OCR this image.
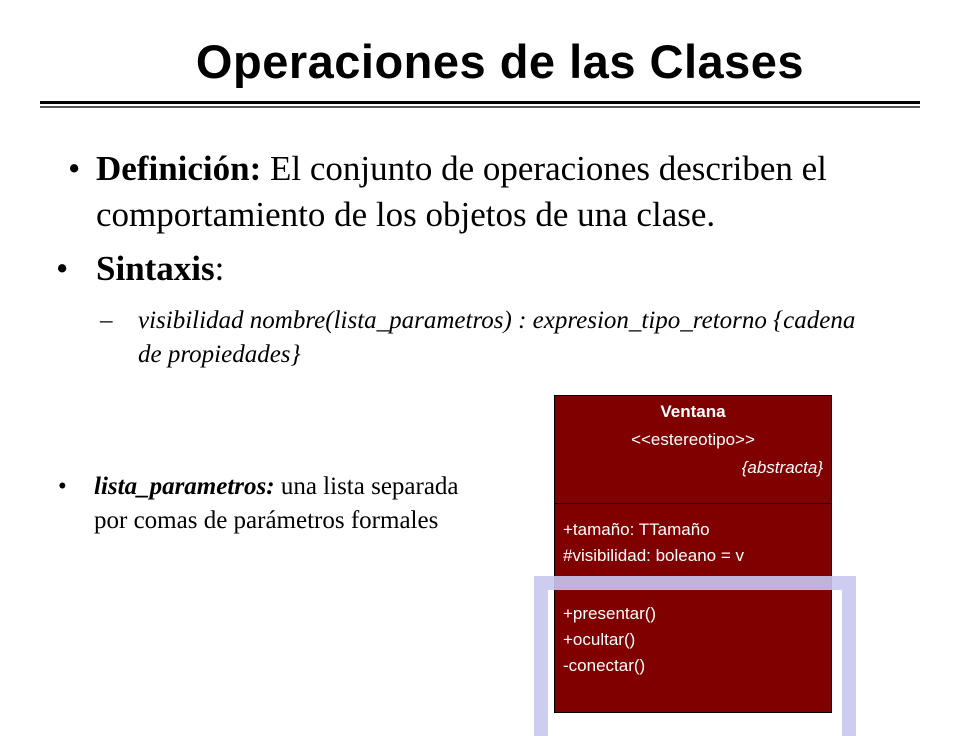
Operaciones de las Clases
• Definición: El conjunto de operaciones describen el comportamiento de los objetos de una clase.
• Sintaxis:
–	visibilidad nombre(lista_parametros) : expresion_tipo_retorno {cadena de propiedades}
•	lista_parametros: una lista separada por comas de parámetros formales
Ventana
<<estereotipo>>
{abstracta}
+tamaño: TTamaño
#visibilidad: boleano = v
+presentar()
+ocultar()
-conectar()
